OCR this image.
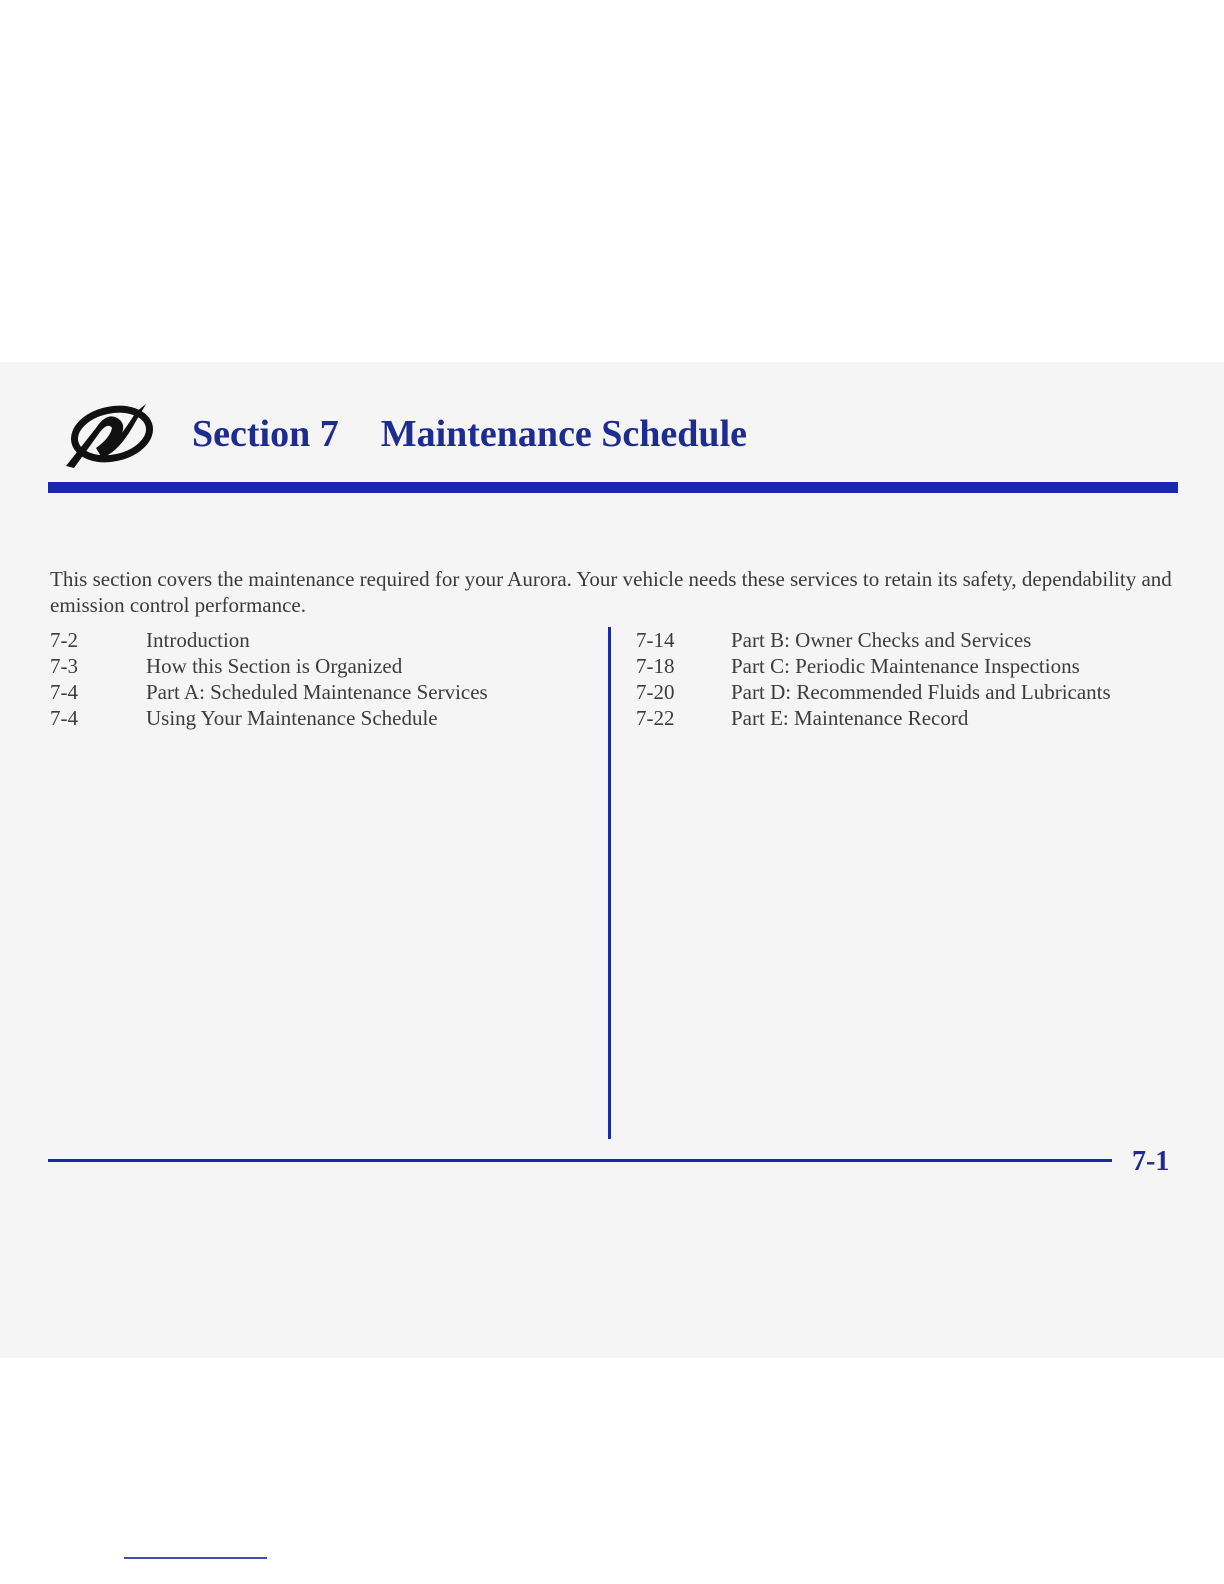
Section 7 Maintenance Schedule

This section covers the maintenance required for your Aurora. Your vehicle needs these services to retain its safety, dependability and emission control performance.

7-2	Introduction
7-3	How this Section is Organized
7-4	Part A: Scheduled Maintenance Services
7-4	Using Your Maintenance Schedule
7-14	Part B: Owner Checks and Services
7-18	Part C: Periodic Maintenance Inspections
7-20	Part D: Recommended Fluids and Lubricants
7-22	Part E: Maintenance Record
7-1
